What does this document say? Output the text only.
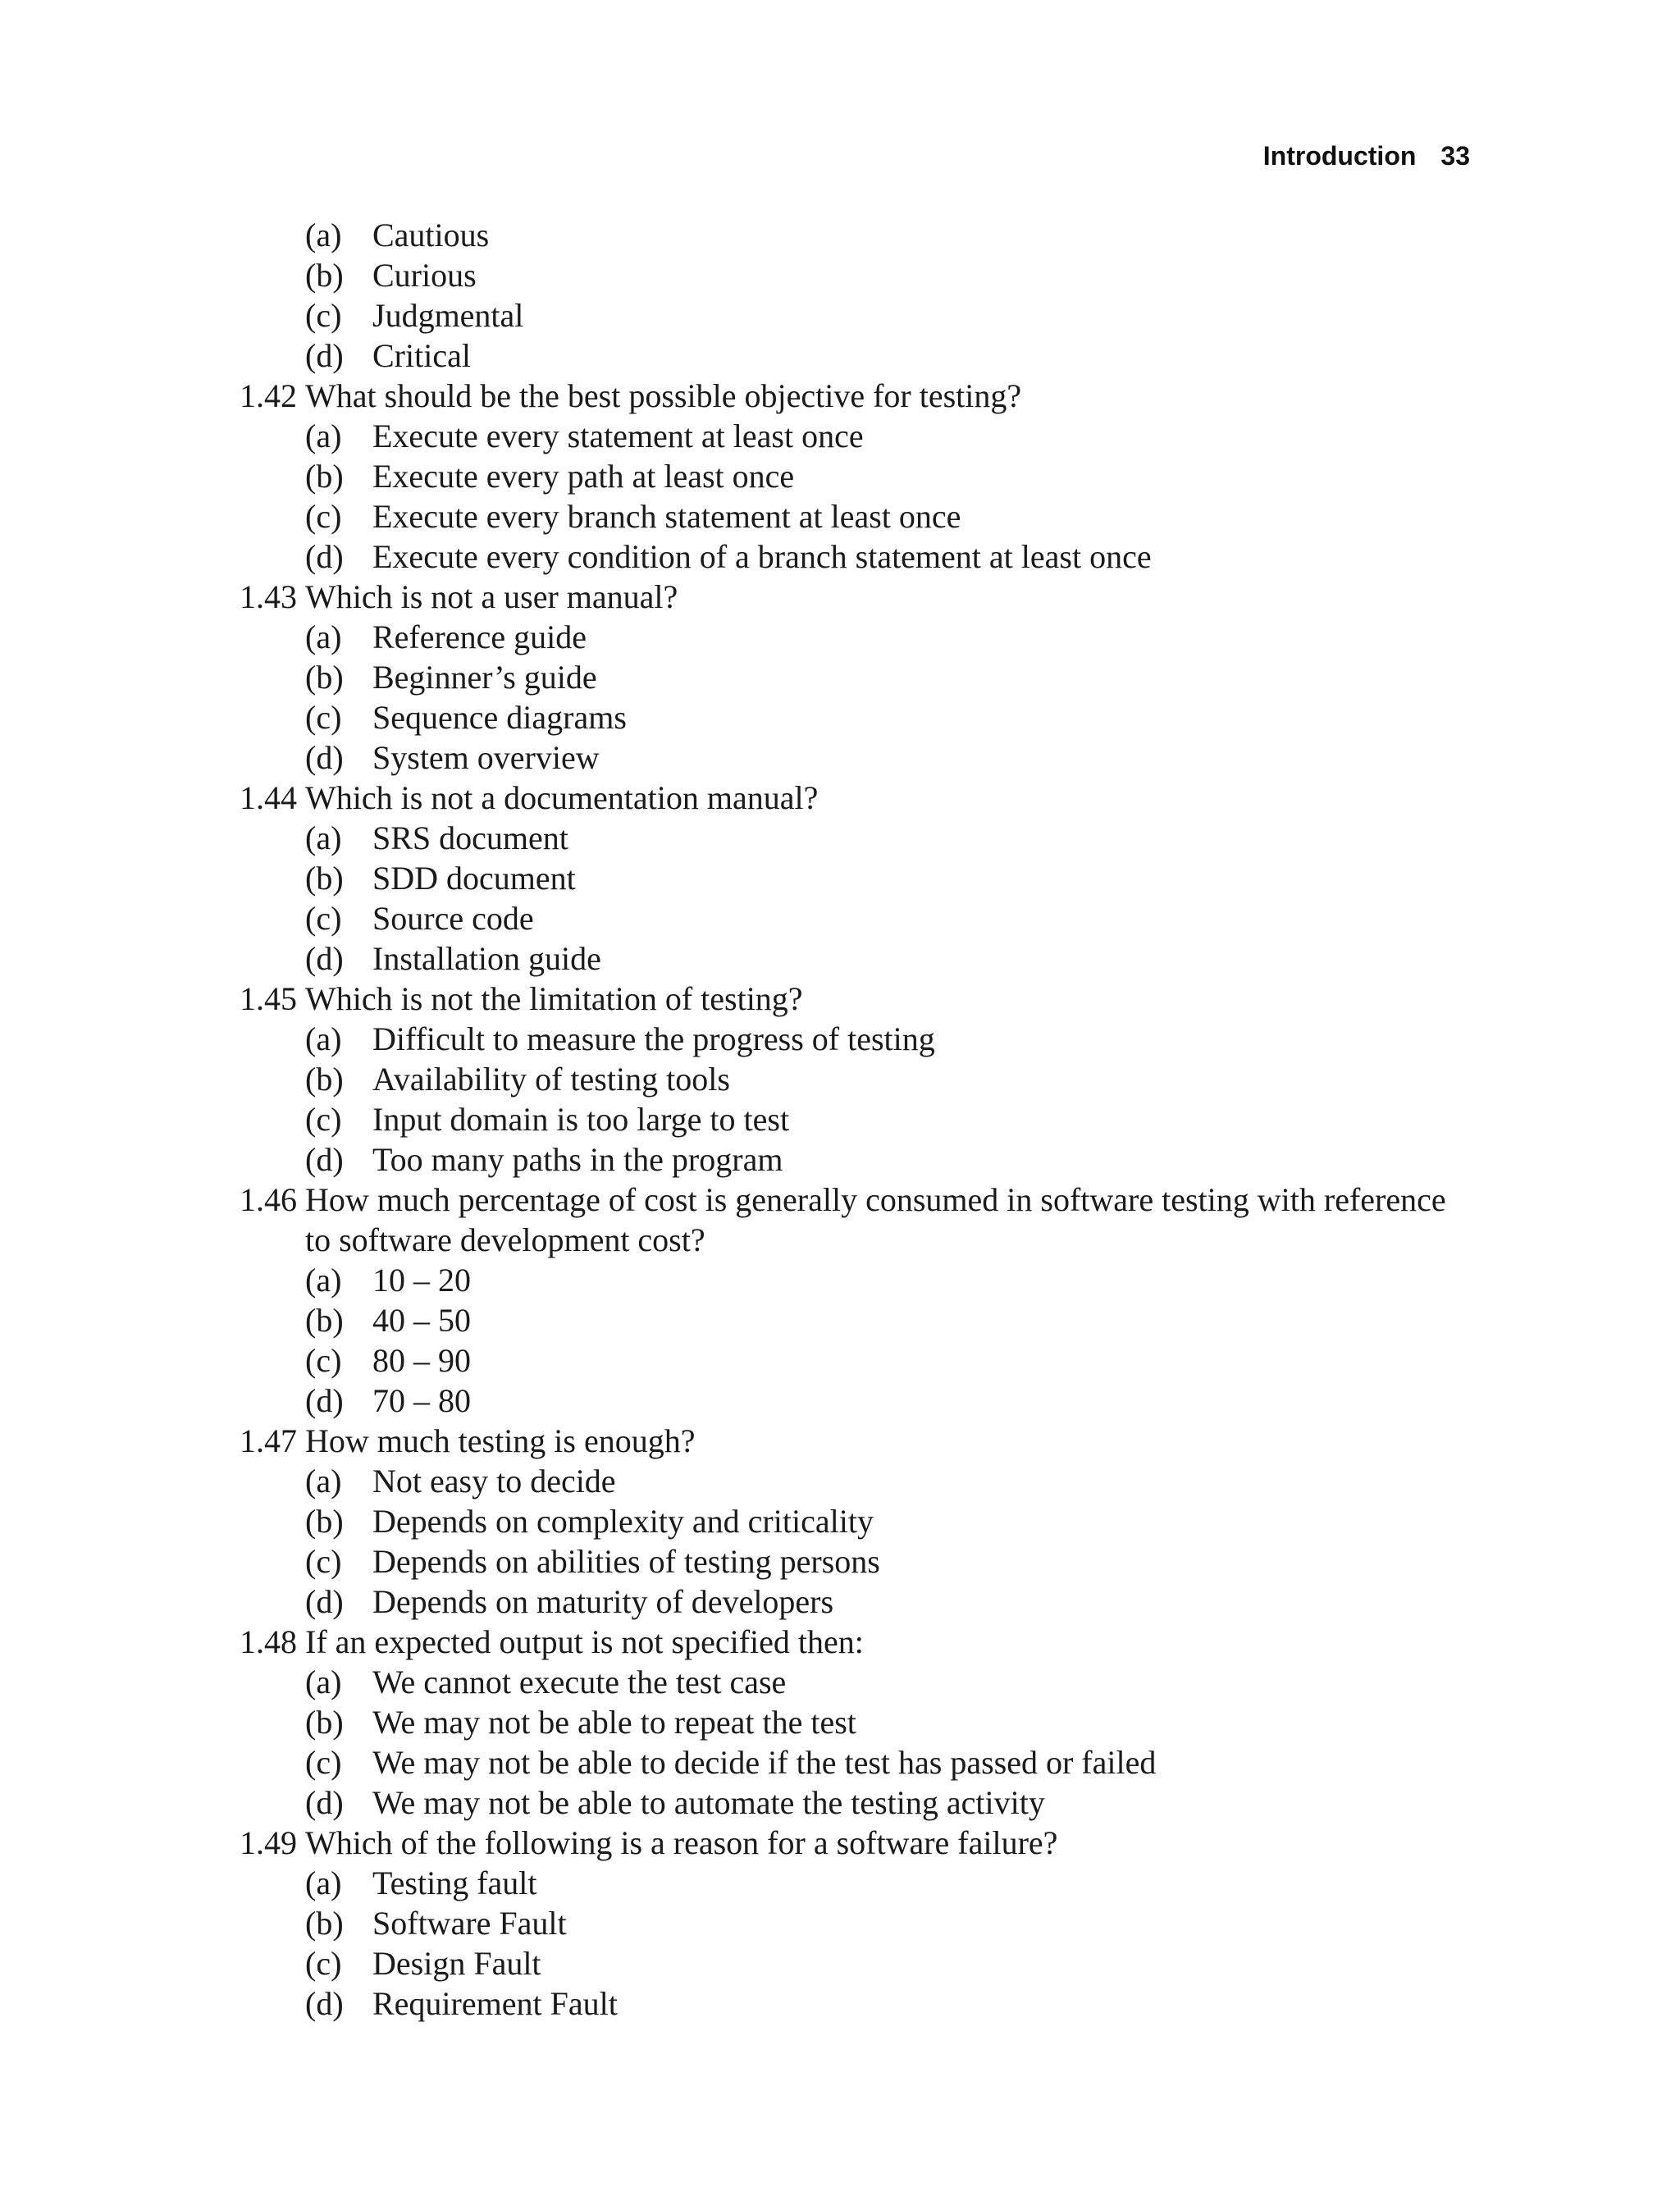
Introduction 33
(a) Cautious
(b) Curious
(c) Judgmental
(d) Critical
1.42 What should be the best possible objective for testing?
(a) Execute every statement at least once
(b) Execute every path at least once
(c) Execute every branch statement at least once
(d) Execute every condition of a branch statement at least once
1.43 Which is not a user manual?
(a) Reference guide
(b) Beginner’s guide
(c) Sequence diagrams
(d) System overview
1.44 Which is not a documentation manual?
(a) SRS document
(b) SDD document
(c) Source code
(d) Installation guide
1.45 Which is not the limitation of testing?
(a) Difficult to measure the progress of testing
(b) Availability of testing tools
(c) Input domain is too large to test
(d) Too many paths in the program
1.46 How much percentage of cost is generally consumed in software testing with reference
to software development cost?
(a) 10 – 20
(b) 40 – 50
(c) 80 – 90
(d) 70 – 80
1.47 How much testing is enough?
(a) Not easy to decide
(b) Depends on complexity and criticality
(c) Depends on abilities of testing persons
(d) Depends on maturity of developers
1.48 If an expected output is not specified then:
(a) We cannot execute the test case
(b) We may not be able to repeat the test
(c) We may not be able to decide if the test has passed or failed
(d) We may not be able to automate the testing activity
1.49 Which of the following is a reason for a software failure?
(a) Testing fault
(b) Software Fault
(c) Design Fault
(d) Requirement Fault
